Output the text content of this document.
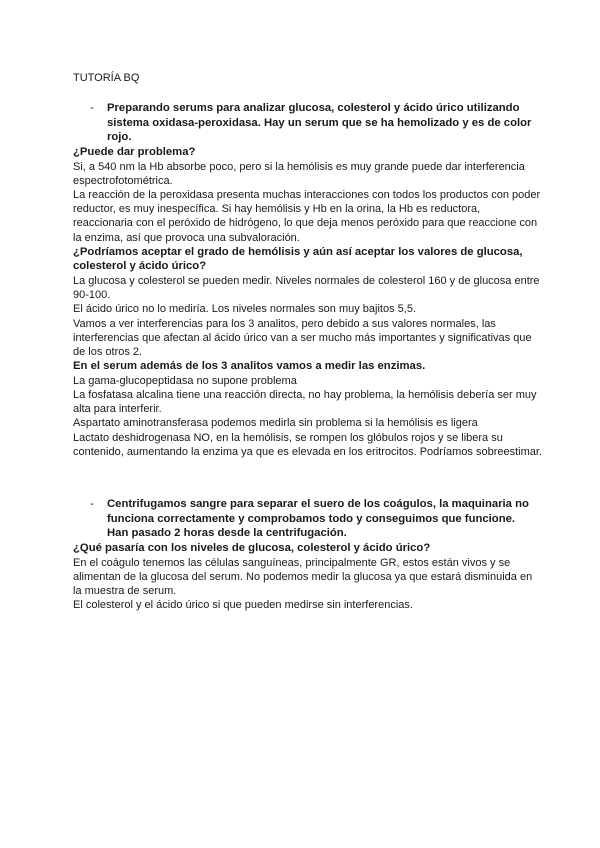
TUTORÍA BQ
-	Preparando serums para analizar glucosa, colesterol y ácido úrico utilizando sistema oxidasa-peroxidasa. Hay un serum que se ha hemolizado y es de color rojo.

¿Puede dar problema?

Si, a 540 nm la Hb absorbe poco, pero si la hemólisis es muy grande puede dar interferencia espectrofotométrica.

La reacción de la peroxidasa presenta muchas interacciones con todos los productos con poder reductor, es muy inespecífica. Si hay hemólisis y Hb en la orina, la Hb es reductora, reaccionaria con el peróxido de hidrógeno, lo que deja menos peróxido para que reaccione con la enzima, así que provoca una subvaloración.

¿Podríamos aceptar el grado de hemólisis y aún así aceptar los valores de glucosa, colesterol y ácido úrico?

La glucosa y colesterol se pueden medir. Niveles normales de colesterol 160 y de glucosa entre 90-100.

El ácido úrico no lo mediría. Los niveles normales son muy bajitos 5,5.

Vamos a ver interferencias para los 3 analitos, pero debido a sus valores normales, las interferencias que afectan al ácido úrico van a ser mucho más importantes y significativas que de los otros 2.

En el serum además de los 3 analitos vamos a medir las enzimas.

La gama-glucopeptidasa no supone problema

La fosfatasa alcalina tiene una reacción directa, no hay problema, la hemólisis debería ser muy alta para interferir.

Aspartato aminotransferasa podemos medirla sin problema si la hemólisis es ligera

Lactato deshidrogenasa NO, en la hemólisis, se rompen los glóbulos rojos y se libera su contenido, aumentando la enzima ya que es elevada en los eritrocitos. Podríamos sobreestimar.

-	Centrifugamos sangre para separar el suero de los coágulos, la maquinaria no funciona correctamente y comprobamos todo y conseguimos que funcione. Han pasado 2 horas desde la centrifugación.

¿Qué pasaría con los niveles de glucosa, colesterol y ácido úrico?

En el coágulo tenemos las células sanguíneas, principalmente GR, estos están vivos y se alimentan de la glucosa del serum. No podemos medir la glucosa ya que estará disminuida en la muestra de serum.

El colesterol y el ácido úrico si que pueden medirse sin interferencias.
